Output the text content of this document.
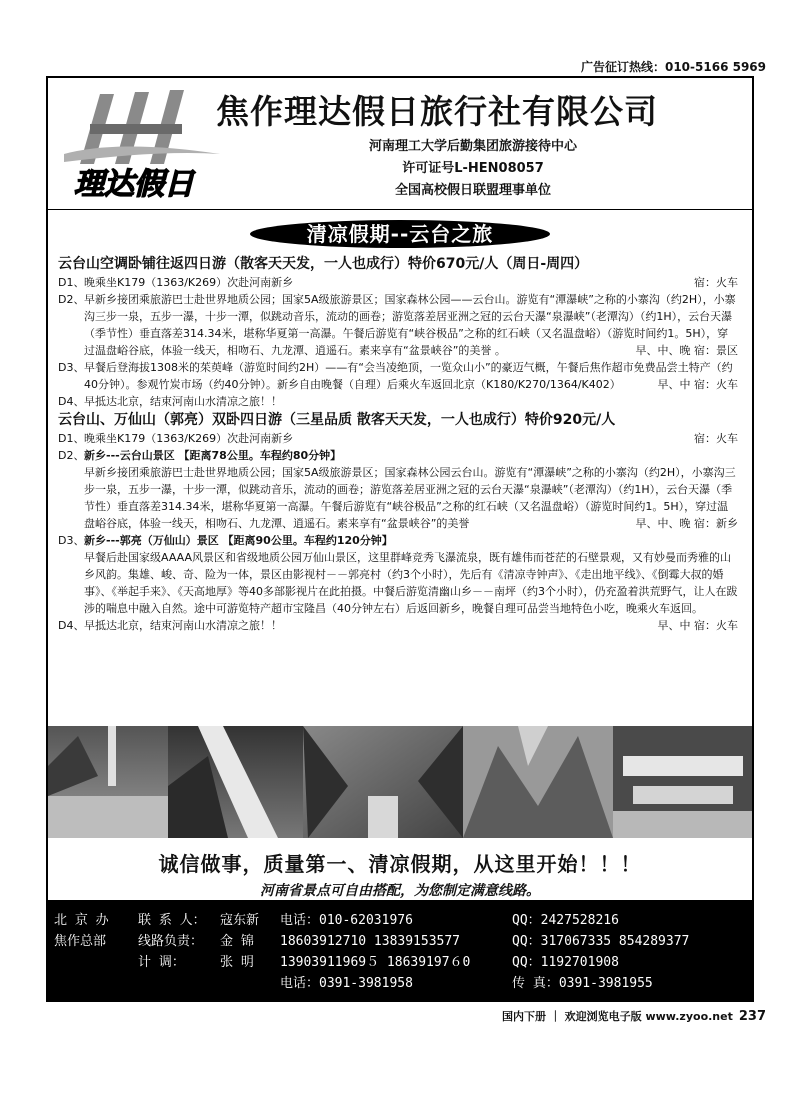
广告征订热线：010-5166 5969
理达假日
焦作理达假日旅行社有限公司
河南理工大学后勤集团旅游接待中心
许可证号L-HEN08057
全国高校假日联盟理事单位
清凉假期--云台之旅
云台山空调卧铺往返四日游（散客天天发，一人也成行）特价670元/人（周日-周四）
D1、	宿：火车
晚乘坐K179（1363/K269）次赴河南新乡
D2、 早新乡接团乘旅游巴士赴世界地质公园；国家5A级旅游景区；国家森林公园——云台山。游览有“潭瀑峡”之称的小寨沟（约2H），小寨沟三步一泉，五步一瀑，十步一潭，似跳动音乐，流动的画卷；游览落差居亚洲之冠的云台天瀑“泉瀑峡”（老潭沟）（约1H），云台天瀑（季节性）垂直落差314.34米，堪称华夏第一高瀑。午餐后游览有“峡谷极品”之称的红石峡（又名温盘峪）（游览时间约1。5H），穿过温盘峪谷底，体验一线天，相吻石、九龙潭、逍遥石。素来享有“盆景峡谷”的美誉 。	早、中、晚 宿：景区
D3、 早餐后登海拔1308米的茱萸峰（游览时间约2H）——有“会当凌绝顶，一览众山小”的豪迈气概，午餐后焦作超市免费品尝土特产（约40分钟）。参观竹炭市场（约40分钟）。新乡自由晚餐（自理）后乘火车返回北京（K180/K270/1364/K402）	早、中 宿：火车
D4、 早抵达北京，结束河南山水清凉之旅！！
云台山、万仙山（郭亮）双卧四日游（三星品质 散客天天发，一人也成行）特价920元/人
D1、	宿：火车
晚乘坐K179（1363/K269）次赴河南新乡
D2、 新乡---云台山景区 【距离78公里。车程约80分钟】
早新乡接团乘旅游巴士赴世界地质公园；国家5A级旅游景区；国家森林公园云台山。游览有“潭瀑峡”之称的小寨沟（约2H），小寨沟三步一泉，五步一瀑，十步一潭，似跳动音乐，流动的画卷；游览落差居亚洲之冠的云台天瀑“泉瀑峡”（老潭沟）（约1H），云台天瀑（季节性）垂直落差314.34米，堪称华夏第一高瀑。午餐后游览有“峡谷极品”之称的红石峡（又名温盘峪）（游览时间约1。5H），穿过温盘峪谷底，体验一线天，相吻石、九龙潭、逍遥石。素来享有“盆景峡谷”的美誉	早、中、晚 宿：新乡
D3、 新乡---郭亮（万仙山）景区 【距离90公里。车程约120分钟】
早餐后赴国家级AAAA风景区和省级地质公园万仙山景区，这里群峰竞秀飞瀑流泉，既有雄伟而苍茫的石壁景观，又有妙曼而秀雅的山乡风韵。集雄、峻、奇、险为一体，景区由影视村－－郭亮村（约3个小时），先后有《清凉寺钟声》、《走出地平线》、《倒霉大叔的婚事》、《举起手来》、《天高地厚》等40多部影视片在此拍摄。中餐后游览清幽山乡－－南坪（约3个小时），仍充盈着洪荒野气，让人在跋涉的喘息中融入自然。途中可游览特产超市宝隆昌（40分钟左右）后返回新乡，晚餐自理可品尝当地特色小吃，晚乘火车返回。
早、中 宿：火车
D4、 早抵达北京，结束河南山水清凉之旅！！
诚信做事，质量第一、清凉假期，从这里开始！！！
河南省景点可自由搭配，为您制定满意线路。
北 京 办 联 系 人： 寇东新 电话：010-62031976	QQ：2427528216
焦作总部 线路负责： 金 锦 18603912710 13839153577	QQ：317067335 854289377
计 调：	张 明 13903911969５ 18639197６0	QQ：1192701908
电话：0391-3981958	传 真：0391-3981955
国内下册 ｜ 欢迎浏览电子版 www.zyoo.net 237
